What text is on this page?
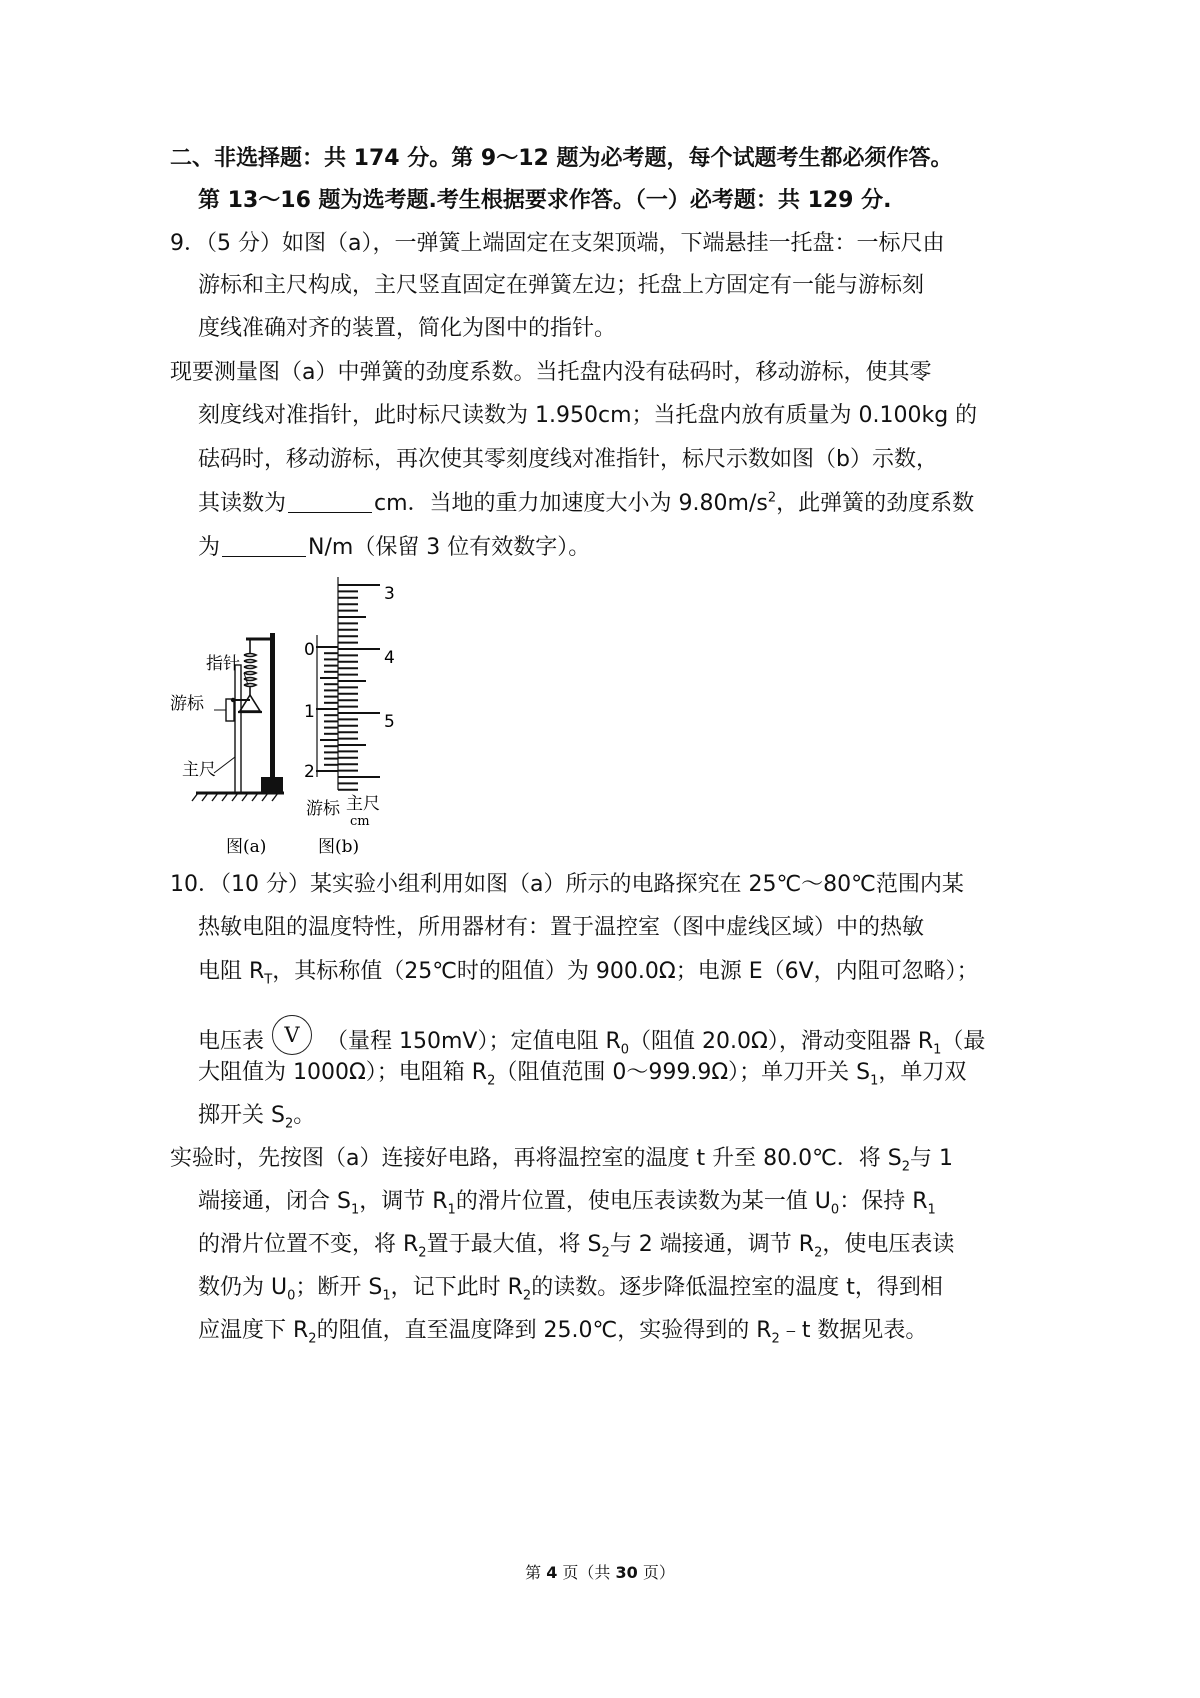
二、非选择题：共 174 分。第 9～12 题为必考题，每个试题考生都必须作答。
第 13～16 题为选考题.考生根据要求作答。（一）必考题：共 129 分.
9．（5 分）如图（a），一弹簧上端固定在支架顶端，下端悬挂一托盘：一标尺由
游标和主尺构成，主尺竖直固定在弹簧左边；托盘上方固定有一能与游标刻
度线准确对齐的装置，简化为图中的指针。
现要测量图（a）中弹簧的劲度系数。当托盘内没有砝码时，移动游标，使其零
刻度线对准指针，此时标尺读数为 1.950cm；当托盘内放有质量为 0.100kg 的
砝码时，移动游标，再次使其零刻度线对准指针，标尺示数如图（b）示数，
其读数为	cm．当地的重力加速度大小为 $9.80m/s^2$，此弹簧的劲度系数
为	N/m（保留 3 位有效数字）。
指针
游标
主尺
图(a)
3
4
5
0
1
2
游标 主尺
cm
图(b)
10．（10 分）某实验小组利用如图（a）所示的电路探究在 25℃～80℃范围内某
热敏电阻的温度特性，所用器材有：置于温控室（图中虚线区域）中的热敏
电阻 $R_T$，其标称值（25℃时的阻值）为 900.0Ω；电源 E（6V，内阻可忽略）；
电压表 V （量程 150mV）；定值电阻 $R_0$（阻值 20.0Ω），滑动变阻器 $R_1$（最
大阻值为 1000Ω）；电阻箱 $R_2$（阻值范围 0～999.9Ω）；单刀开关 $S_1$，单刀双
掷开关 $S_2$。
实验时，先按图（a）连接好电路，再将温控室的温度 t 升至 80.0℃．将 $S_2$与 1
端接通，闭合 $S_1$，调节 $R_1$的滑片位置，使电压表读数为某一值 $U_0$：保持 $R_1$
的滑片位置不变，将 $R_2$置于最大值，将 $S_2$与 2 端接通，调节 $R_2$，使电压表读
数仍为 $U_0$；断开 $S_1$，记下此时 $R_2$的读数。逐步降低温控室的温度 t，得到相
应温度下 $R_2$的阻值，直至温度降到 25.0℃，实验得到的 $R_2﹣t$ 数据见表。
第 4 页（共 30 页）
